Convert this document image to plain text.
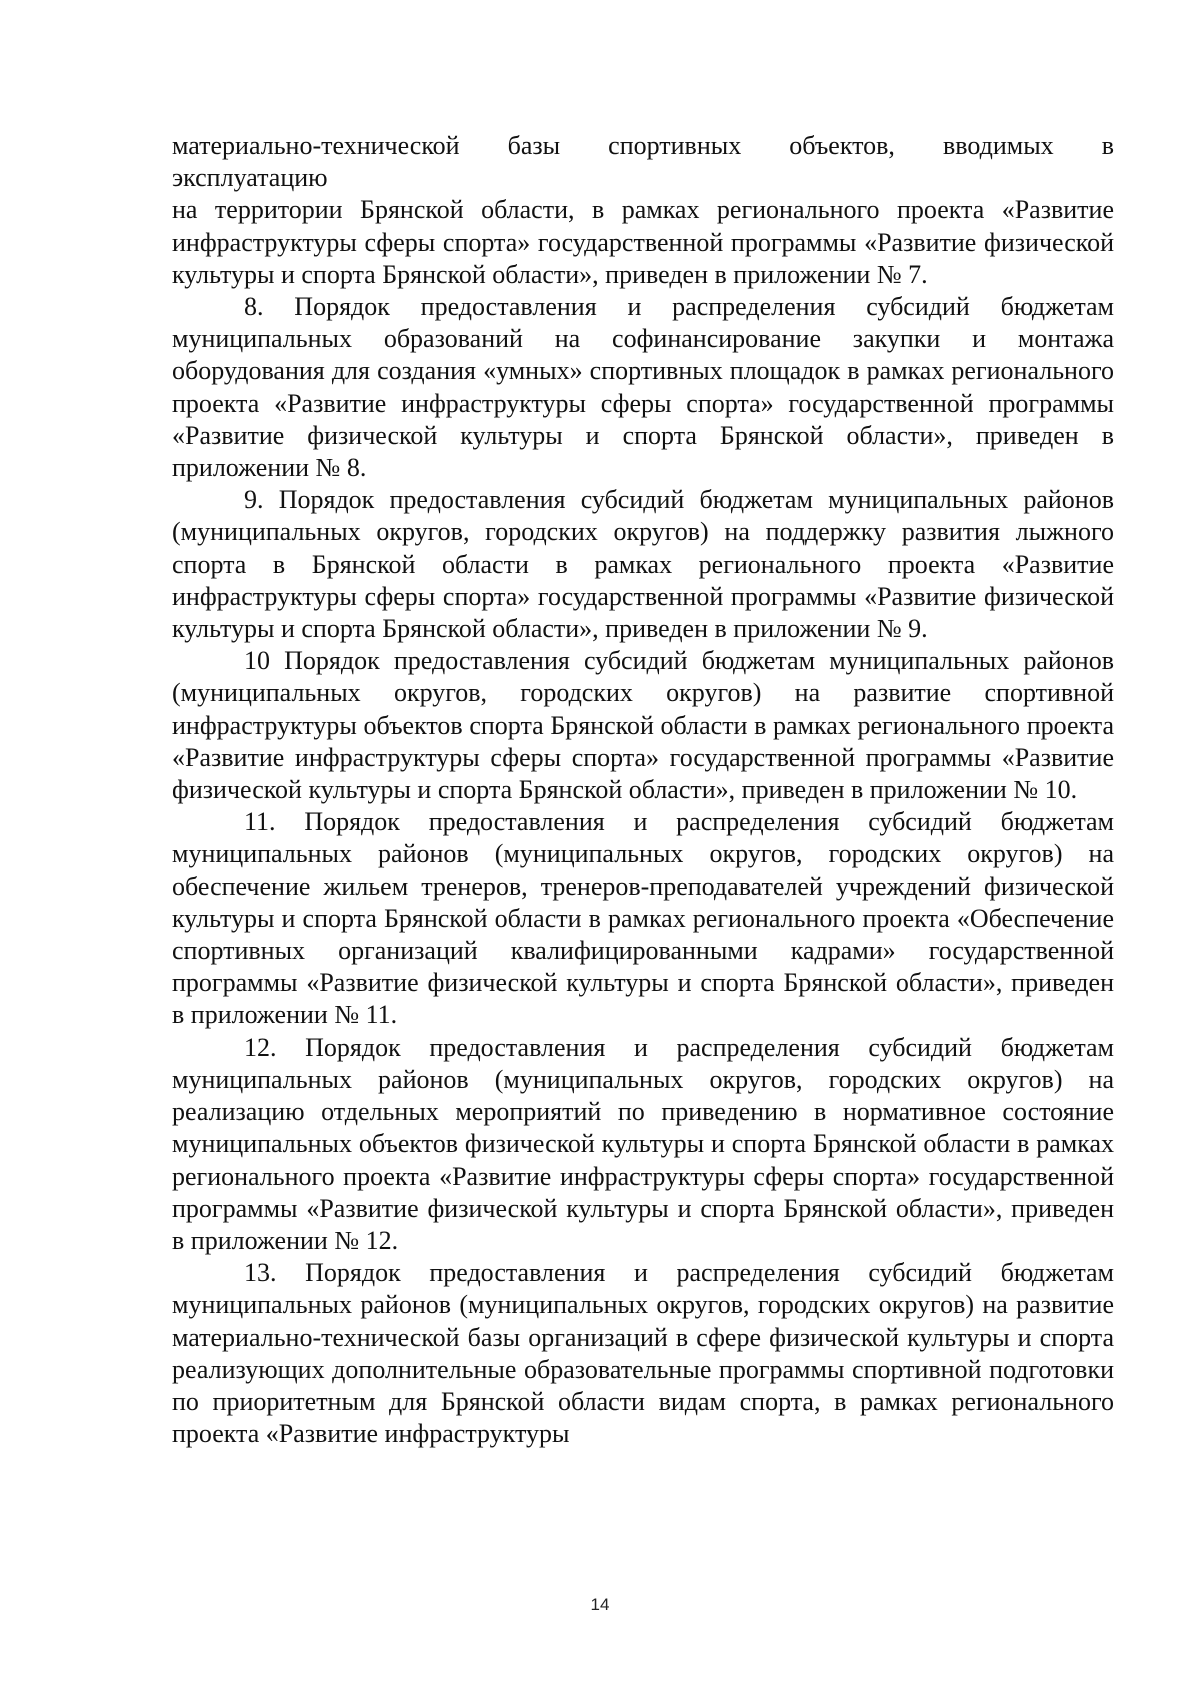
материально-технической базы спортивных объектов, вводимых в

эксплуатацию

на территории Брянской области, в рамках регионального проекта «Развитие инфраструктуры сферы спорта» государственной программы «Развитие физической культуры и спорта Брянской области», приведен в приложении № 7.

8. Порядок предоставления и распределения субсидий бюджетам муниципальных образований на софинансирование закупки и монтажа оборудования для создания «умных» спортивных площадок в рамках регионального проекта «Развитие инфраструктуры сферы спорта» государственной программы «Развитие физической культуры и спорта Брянской области», приведен в приложении № 8.

9. Порядок предоставления субсидий бюджетам муниципальных районов (муниципальных округов, городских округов) на поддержку развития лыжного спорта в Брянской области в рамках регионального проекта «Развитие инфраструктуры сферы спорта» государственной программы «Развитие физической культуры и спорта Брянской области», приведен в приложении № 9.

10 Порядок предоставления субсидий бюджетам муниципальных районов (муниципальных округов, городских округов) на развитие спортивной инфраструктуры объектов спорта Брянской области в рамках регионального проекта «Развитие инфраструктуры сферы спорта» государственной программы «Развитие физической культуры и спорта Брянской области», приведен в приложении № 10.

11. Порядок предоставления и распределения субсидий бюджетам муниципальных районов (муниципальных округов, городских округов) на обеспечение жильем тренеров, тренеров-преподавателей учреждений физической культуры и спорта Брянской области в рамках регионального проекта «Обеспечение спортивных организаций квалифицированными кадрами» государственной программы «Развитие физической культуры и спорта Брянской области», приведен в приложении № 11.

12. Порядок предоставления и распределения субсидий бюджетам муниципальных районов (муниципальных округов, городских округов) на реализацию отдельных мероприятий по приведению в нормативное состояние муниципальных объектов физической культуры и спорта Брянской области в рамках регионального проекта «Развитие инфраструктуры сферы спорта» государственной программы «Развитие физической культуры и спорта Брянской области», приведен в приложении № 12.

13. Порядок предоставления и распределения субсидий бюджетам муниципальных районов (муниципальных округов, городских округов) на развитие материально-технической базы организаций в сфере физической культуры и спорта реализующих дополнительные образовательные программы спортивной подготовки по приоритетным для Брянской области видам спорта, в рамках регионального проекта «Развитие инфраструктуры

14
